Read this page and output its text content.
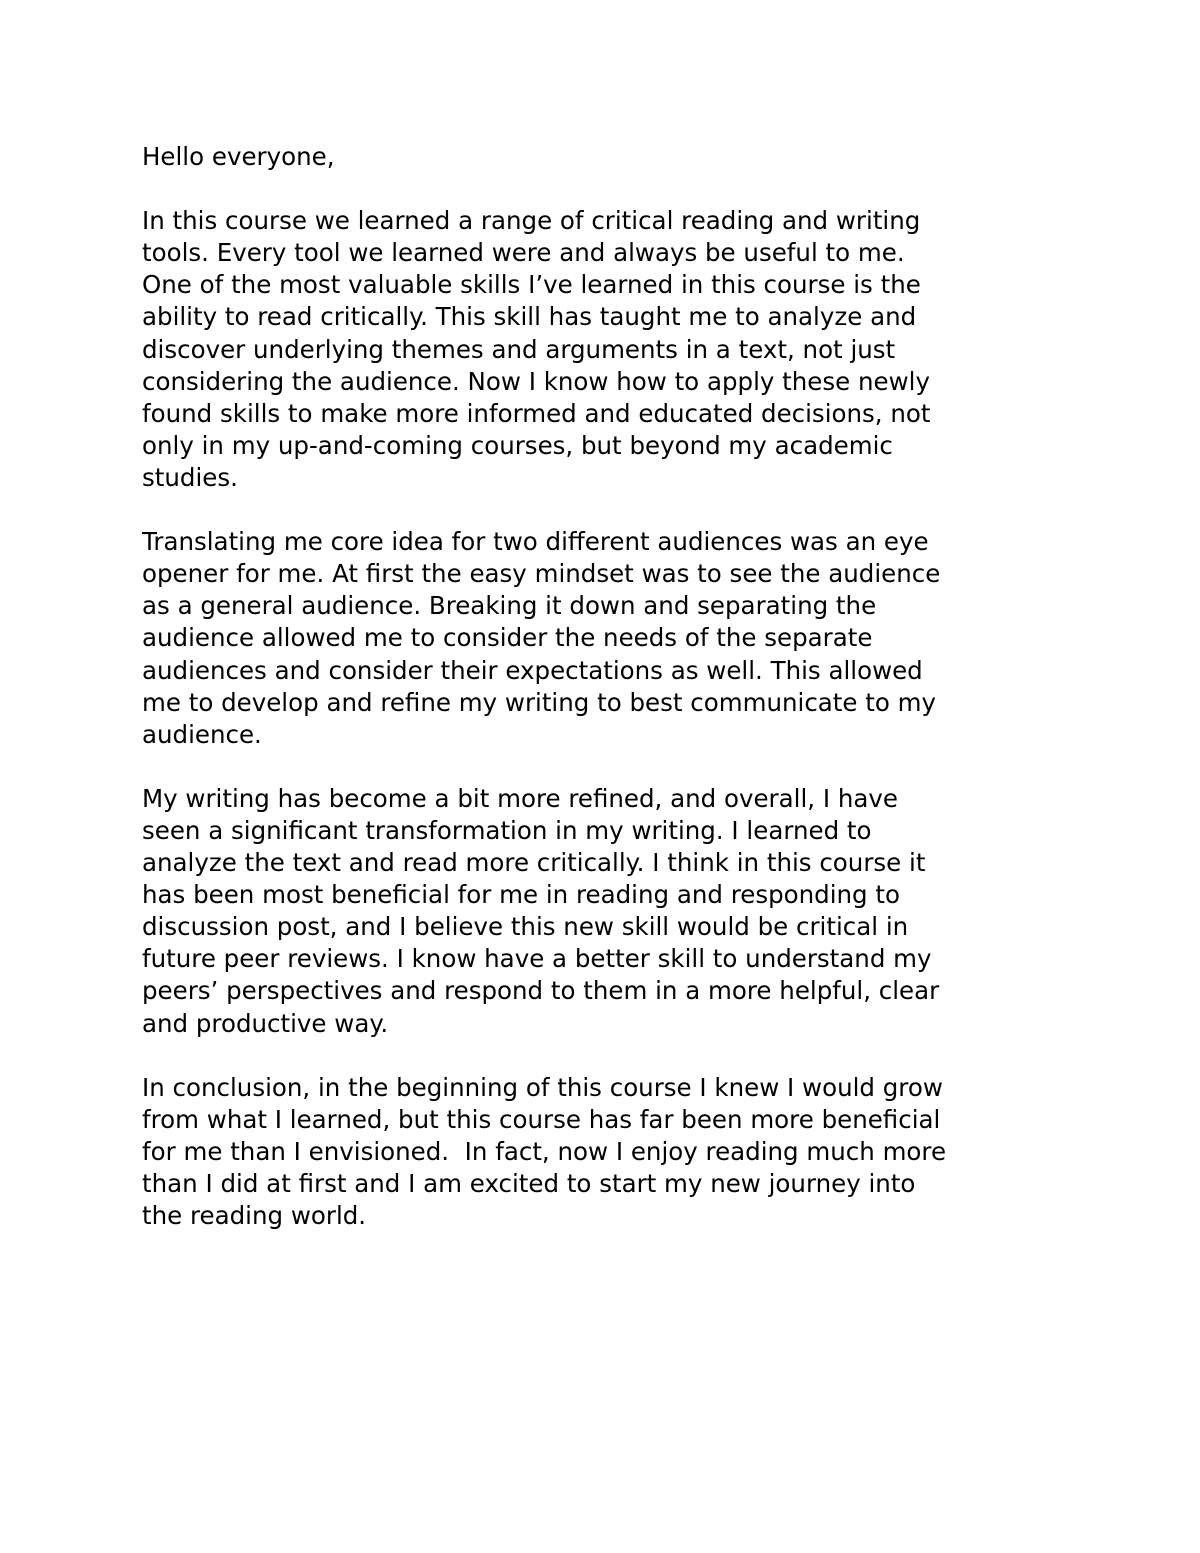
Hello everyone,
In this course we learned a range of critical reading and writing
tools. Every tool we learned were and always be useful to me.
One of the most valuable skills I’ve learned in this course is the
ability to read critically. This skill has taught me to analyze and
discover underlying themes and arguments in a text, not just
considering the audience. Now I know how to apply these newly
found skills to make more informed and educated decisions, not
only in my up-and-coming courses, but beyond my academic
studies.
Translating me core idea for two different audiences was an eye
opener for me. At first the easy mindset was to see the audience
as a general audience. Breaking it down and separating the
audience allowed me to consider the needs of the separate
audiences and consider their expectations as well. This allowed
me to develop and refine my writing to best communicate to my
audience.
My writing has become a bit more refined, and overall, I have
seen a significant transformation in my writing. I learned to
analyze the text and read more critically. I think in this course it
has been most beneficial for me in reading and responding to
discussion post, and I believe this new skill would be critical in
future peer reviews. I know have a better skill to understand my
peers’ perspectives and respond to them in a more helpful, clear
and productive way.
In conclusion, in the beginning of this course I knew I would grow
from what I learned, but this course has far been more beneficial
for me than I envisioned.  In fact, now I enjoy reading much more
than I did at first and I am excited to start my new journey into
the reading world.
